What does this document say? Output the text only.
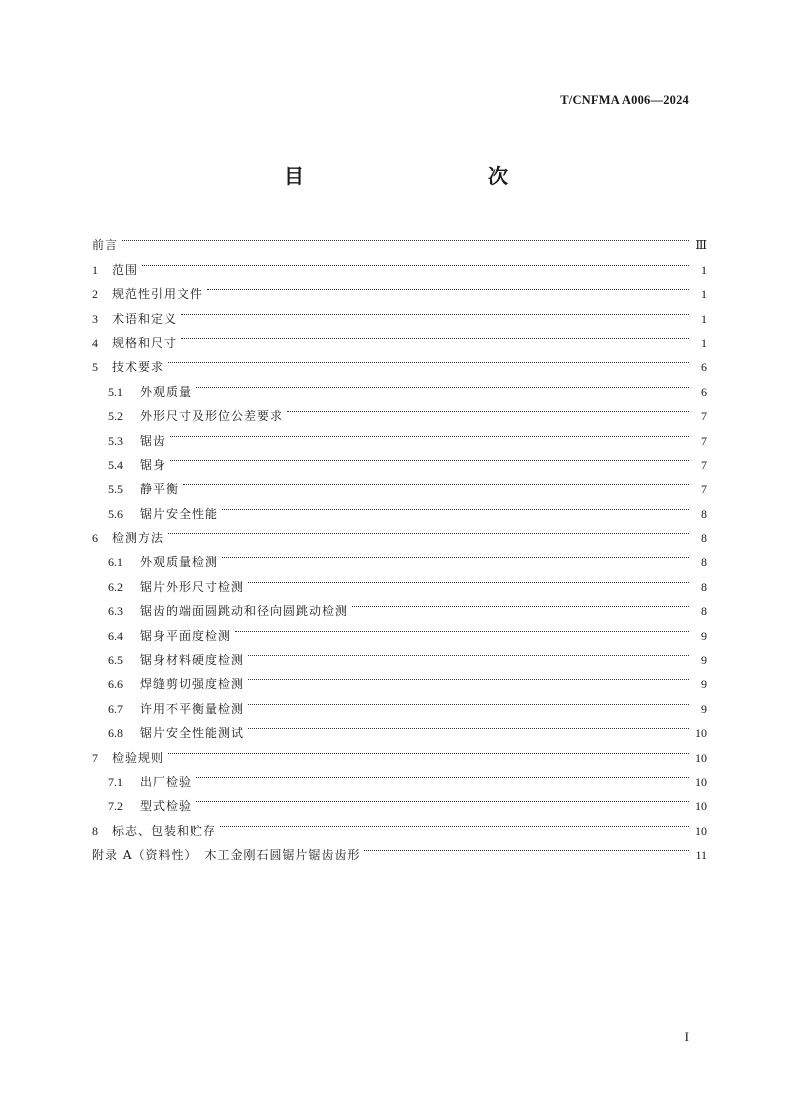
T/CNFMA A006—2024
目　　次
前言	Ⅲ
1	范围	1
2	规范性引用文件	1
3	术语和定义	1
4	规格和尺寸	1
5	技术要求	6
5.1	外观质量	6
5.2	外形尺寸及形位公差要求	7
5.3	锯齿	7
5.4	锯身	7
5.5	静平衡	7
5.6	锯片安全性能	8
6	检测方法	8
6.1	外观质量检测	8
6.2	锯片外形尺寸检测	8
6.3	锯齿的端面圆跳动和径向圆跳动检测	8
6.4	锯身平面度检测	9
6.5	锯身材料硬度检测	9
6.6	焊缝剪切强度检测	9
6.7	许用不平衡量检测	9
6.8	锯片安全性能测试	10
7	检验规则	10
7.1	出厂检验	10
7.2	型式检验	10
8	标志、包装和贮存	10
附录 A（资料性）　木工金刚石圆锯片锯齿齿形	11
I
